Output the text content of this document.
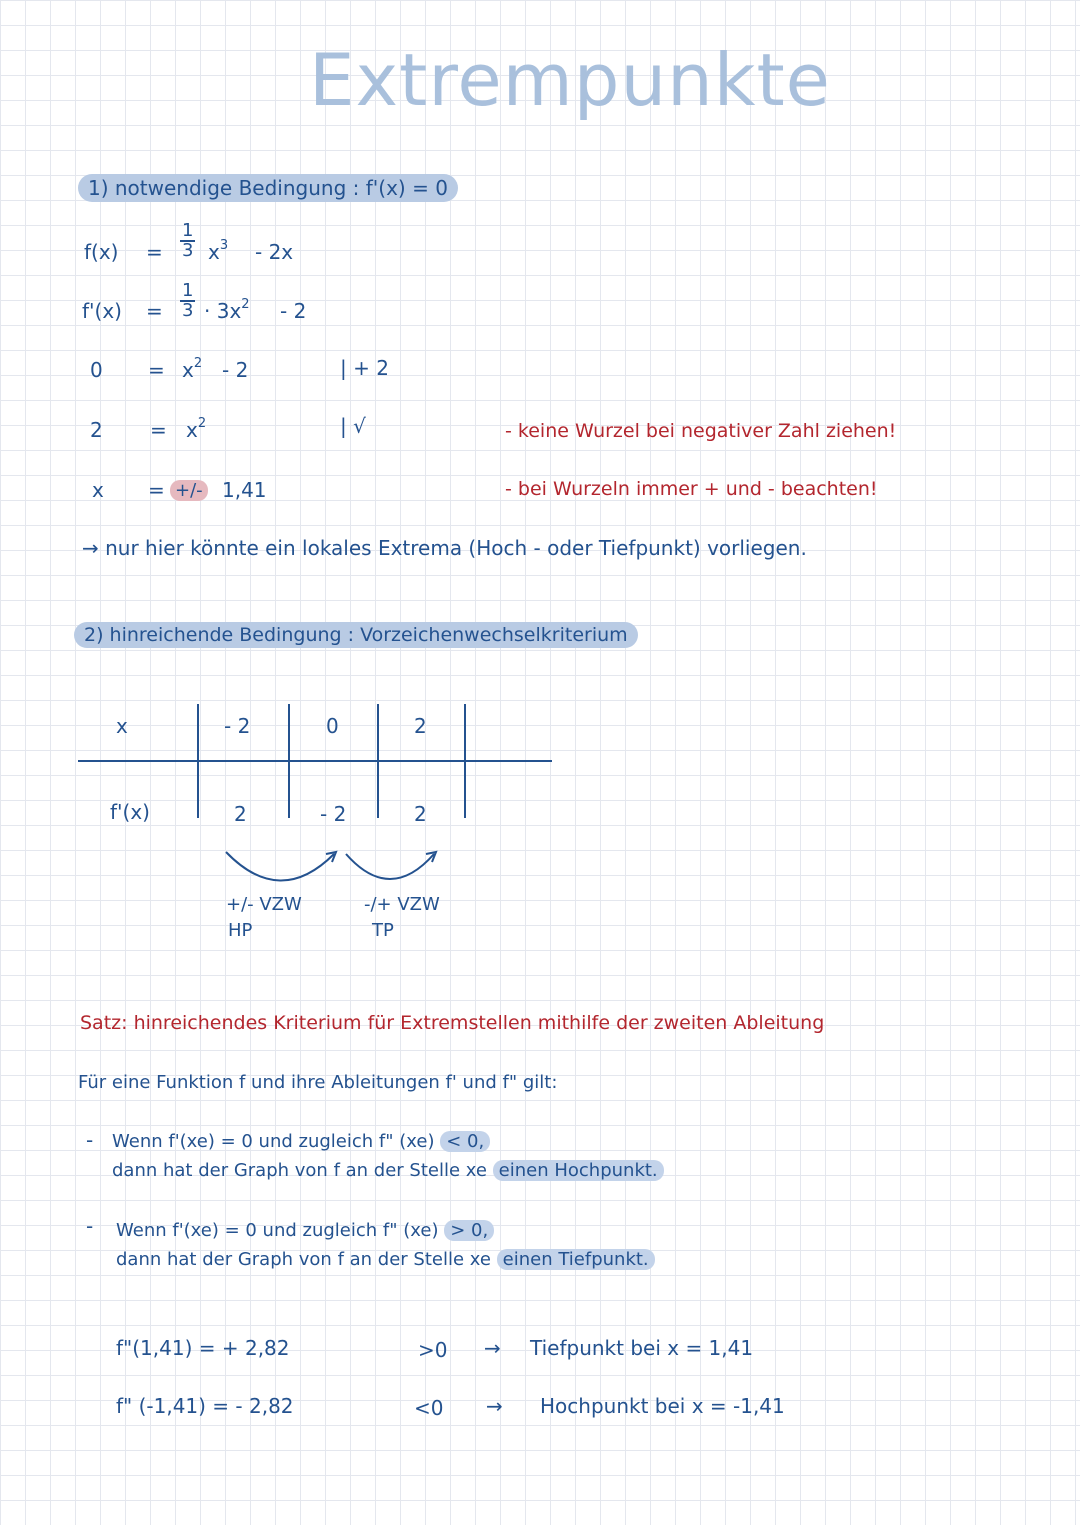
Extrempunkte
1) notwendige Bedingung : f'(x) = 0
$f(x) = \frac{1}{3} x^3 - 2x$
$f'(x) = \frac{1}{3} \cdot 3x^2 - 2$
$0 = x^2 - 2$	| + 2
$2 = x^2$	| √
x = +/- 1,41
- keine Wurzel bei negativer Zahl ziehen!
- bei Wurzeln immer + und - beachten!
→ nur hier könnte ein lokales Extrema (Hoch - oder Tiefpunkt) vorliegen.
2) hinreichende Bedingung : Vorzeichenwechselkriterium
x	- 2	0	2
f'(x)	2	- 2	2
+/- VZW
HP
-/+ VZW
TP
Satz: hinreichendes Kriterium für Extremstellen mithilfe der zweiten Ableitung
Für eine Funktion f und ihre Ableitungen f' und f" gilt:
- Wenn f'(xe) = 0 und zugleich f" (xe) < 0,
dann hat der Graph von f an der Stelle xe einen Hochpunkt.
- Wenn f'(xe) = 0 und zugleich f" (xe) > 0,
dann hat der Graph von f an der Stelle xe einen Tiefpunkt.
f"(1,41) = + 2,82	>0 → Tiefpunkt bei x = 1,41
f" (-1,41) = - 2,82	<0 → Hochpunkt bei x = -1,41
